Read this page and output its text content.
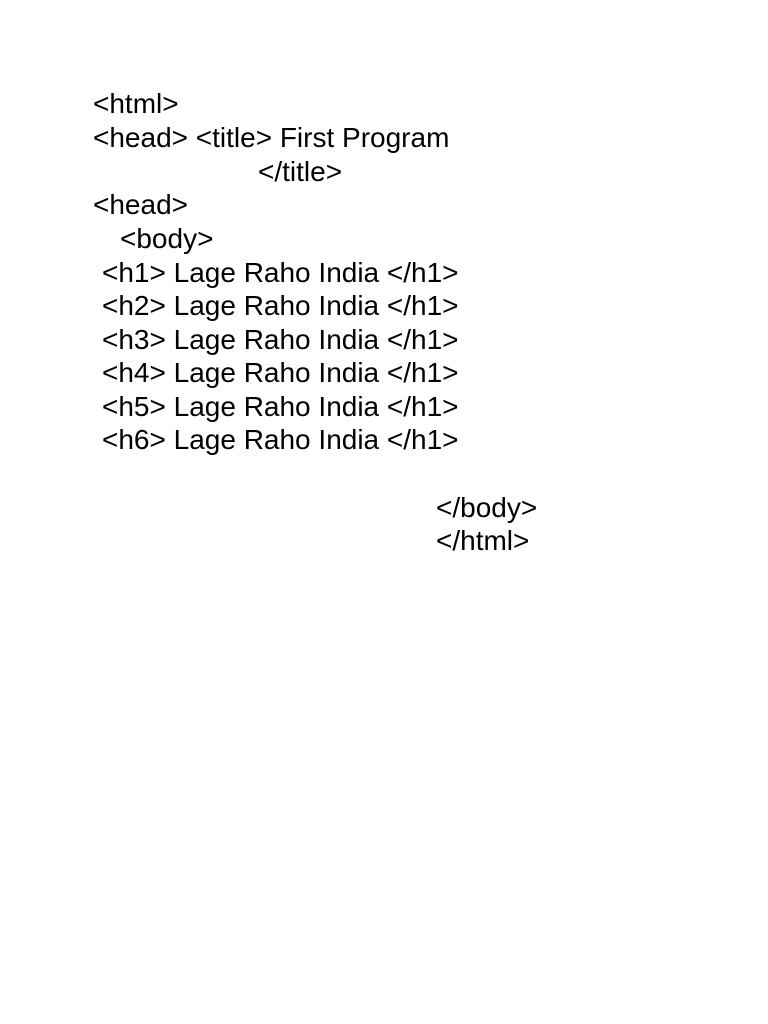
<html>
<head> <title> First Program
</title>
<head>
<body>
<h1> Lage Raho India </h1>
<h2> Lage Raho India </h1>
<h3> Lage Raho India </h1>
<h4> Lage Raho India </h1>
<h5> Lage Raho India </h1>
<h6> Lage Raho India </h1>
</body>
</html>
